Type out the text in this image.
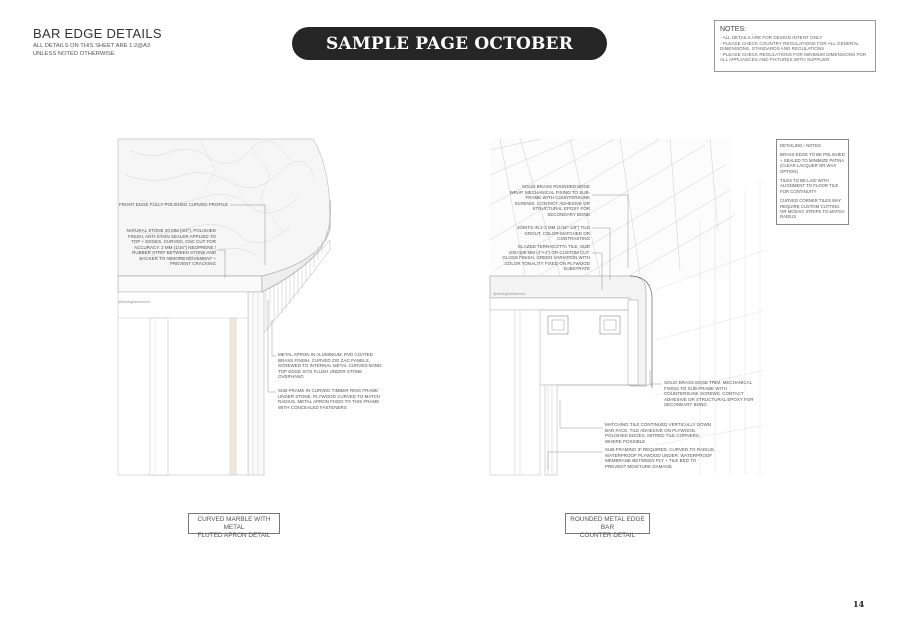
BAR EDGE DETAILS
ALL DETAILS ON THIS SHEET ARE 1:2@A3
UNLESS NOTED OTHERWISE
SAMPLE PAGE OCTOBER
NOTES:
- ALL DETAILS ARE FOR DESIGN INTENT ONLY
- PLEASE CHECK COUNTRY REGULATIONS FOR ALL GENERAL DIMENSIONS, STANDARDS AND REGULATIONS
- PLEASE CHECK REGULATIONS FOR MINIMUM DIMENSIONS FOR ALL APPLIANCES AND FIXTURES WITH SUPPLIER
FRONT EDGE FULLY POLISHED CURVED PROFILE
NATURAL STONE 20 MM (3/4"), POLISHED FINISH, ANTI-STAIN SEALER APPLIED TO TOP + EDGES. CURVED, CNC CUT FOR ACCURACY. 2 MM (1/16") NEOPRENE / RUBBER STRIP BETWEEN STONE AND BACKER TO ABSORB MOVEMENT + PREVENT CRACKING
METAL APRON IN ALUMINIUM, PVD COATED BRASS FINISH. CURVED ZIG ZAG PANELS, SCREWED TO INTERNAL METAL CURVED BAND. TOP EDGE SITS FLUSH UNDER STONE OVERHANG
SUB-FRAME IN CURVED TIMBER RING FRAME UNDER STONE. PLYWOOD CURVED TO MATCH RADIUS. METAL APRON FIXED TO THIS FRAME WITH CONCEALED FASTENERS
@thedigitalinteriors
CURVED MARBLE WITH METAL
FLUTED APRON DETAIL
SOLID BRASS ROUNDED EDGE WRAP. MECHANICAL FIXING TO SUB-FRAME WITH COUNTERSUNK SCREWS. CONTACT ADHESIVE OR STRUCTURAL EPOXY FOR SECONDARY BOND
JOINTS IN 2-3 MM (1/16"-1/8") TILE GROUT, COLOR-MATCHED OR CONTRASTING
GLAZED TERRACOTTA TILE, SIZE 100×100 MM (4"×4") OR CUSTOM CUT. GLOSS FINISH, GREEN VARIATION WITH COLOR TONALITY FIXED ON PLYWOOD SUBSTRATE
SOLID BRASS EDGE TRIM. MECHANICAL FIXING TO SUB-FRAME WITH COUNTERSUNK SCREWS. CONTACT ADHESIVE OR STRUCTURAL EPOXY FOR SECONDARY BOND
MATCHING TILE CONTINUED VERTICALLY DOWN BAR FACE. TILE ADHESIVE ON PLYWOOD. POLISHED EDGES, MITRED TILE CORNERS WHERE POSSIBLE
SUB-FRAMING IF REQUIRED, CURVED TO RADIUS. WATERPROOF PLYWOOD UNDER. WATERPROOF MEMBRANE BETWEEN PLY + TILE BED TO PREVENT MOISTURE DAMAGE
@thedigitalinteriors
DETAILING / NOTES
BRASS EDGE TO BE POLISHED + SEALED TO MINIMIZE PATINA (CLEAR LACQUER OR WAX OPTION)
TILES TO BE LAID WITH ALIGNMENT TO FLOOR TILE FOR CONTINUITY
CURVED CORNER TILES MAY REQUIRE CUSTOM CUTTING OR MOSAIC STRIPS TO MATCH RADIUS
ROUNDED METAL EDGE BAR
COUNTER DETAIL
14
